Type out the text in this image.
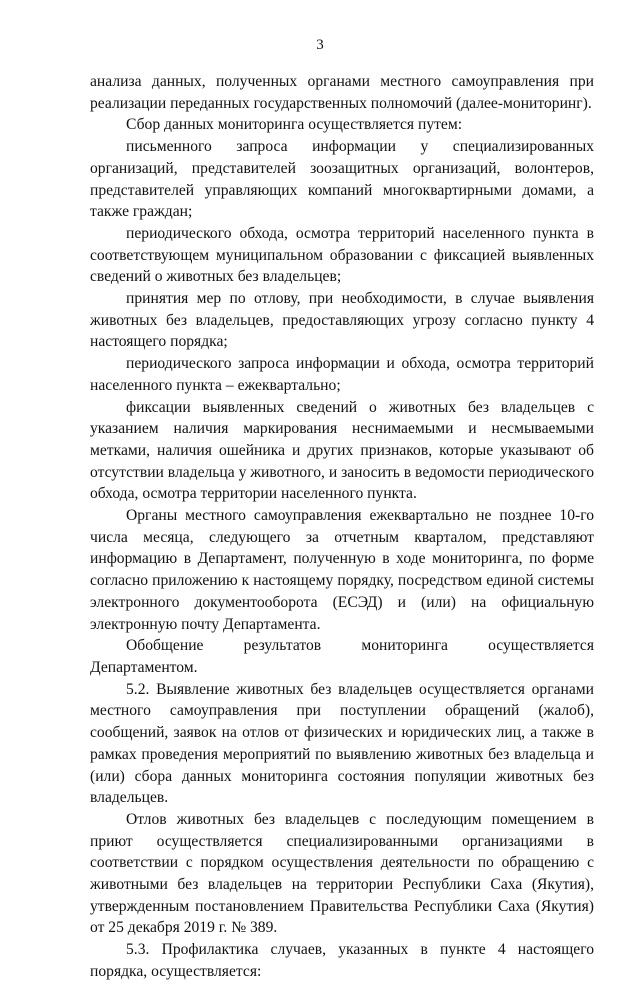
3

анализа данных, полученных органами местного самоуправления при реализации переданных государственных полномочий (далее-мониторинг).

Сбор данных мониторинга осуществляется путем:

письменного запроса информации у специализированных организаций, представителей зоозащитных организаций, волонтеров, представителей управляющих компаний многоквартирными домами, а также граждан;

периодического обхода, осмотра территорий населенного пункта в соответствующем муниципальном образовании с фиксацией выявленных сведений о животных без владельцев;

принятия мер по отлову, при необходимости, в случае выявления животных без владельцев, предоставляющих угрозу согласно пункту 4 настоящего порядка;

периодического запроса информации и обхода, осмотра территорий населенного пункта – ежеквартально;

фиксации выявленных сведений о животных без владельцев с указанием наличия маркирования неснимаемыми и несмываемыми метками, наличия ошейника и других признаков, которые указывают об отсутствии владельца у животного, и заносить в ведомости периодического обхода, осмотра территории населенного пункта.

Органы местного самоуправления ежеквартально не позднее 10-го числа месяца, следующего за отчетным кварталом, представляют информацию в Департамент, полученную в ходе мониторинга, по форме согласно приложению к настоящему порядку, посредством единой системы электронного документооборота (ЕСЭД) и (или) на официальную электронную почту Департамента.

Обобщение результатов мониторинга осуществляется Департаментом.

5.2. Выявление животных без владельцев осуществляется органами местного самоуправления при поступлении обращений (жалоб), сообщений, заявок на отлов от физических и юридических лиц, а также в рамках проведения мероприятий по выявлению животных без владельца и (или) сбора данных мониторинга состояния популяции животных без владельцев.

Отлов животных без владельцев с последующим помещением в приют осуществляется специализированными организациями в соответствии с порядком осуществления деятельности по обращению с животными без владельцев на территории Республики Саха (Якутия), утвержденным постановлением Правительства Республики Саха (Якутия) от 25 декабря 2019 г. № 389.

5.3. Профилактика случаев, указанных в пункте 4 настоящего порядка, осуществляется:
